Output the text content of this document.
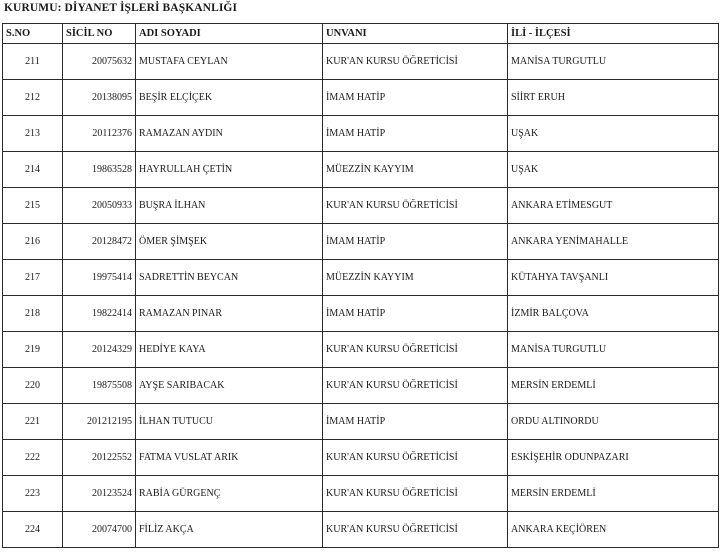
KURUMU: DİYANET İŞLERİ BAŞKANLIĞI
S.NO	SİCİL NO	ADI SOYADI	UNVANI	İLİ - İLÇESİ
211	20075632	MUSTAFA CEYLAN	KUR'AN KURSU ÖĞRETİCİSİ	MANİSA TURGUTLU
212	20138095	BEŞİR ELÇİÇEK	İMAM HATİP	SİİRT ERUH
213	20112376	RAMAZAN AYDIN	İMAM HATİP	UŞAK
214	19863528	HAYRULLAH ÇETİN	MÜEZZİN KAYYIM	UŞAK
215	20050933	BUŞRA İLHAN	KUR'AN KURSU ÖĞRETİCİSİ	ANKARA ETİMESGUT
216	20128472	ÖMER ŞİMŞEK	İMAM HATİP	ANKARA YENİMAHALLE
217	19975414	SADRETTİN BEYCAN	MÜEZZİN KAYYIM	KÜTAHYA TAVŞANLI
218	19822414	RAMAZAN PINAR	İMAM HATİP	İZMİR BALÇOVA
219	20124329	HEDİYE KAYA	KUR'AN KURSU ÖĞRETİCİSİ	MANİSA TURGUTLU
220	19875508	AYŞE SARIBACAK	KUR'AN KURSU ÖĞRETİCİSİ	MERSİN ERDEMLİ
221	201212195	İLHAN TUTUCU	İMAM HATİP	ORDU ALTINORDU
222	20122552	FATMA VUSLAT ARIK	KUR'AN KURSU ÖĞRETİCİSİ	ESKİŞEHİR ODUNPAZARI
223	20123524	RABİA GÜRGENÇ	KUR'AN KURSU ÖĞRETİCİSİ	MERSİN ERDEMLİ
224	20074700	FİLİZ AKÇA	KUR'AN KURSU ÖĞRETİCİSİ	ANKARA KEÇİÖREN
